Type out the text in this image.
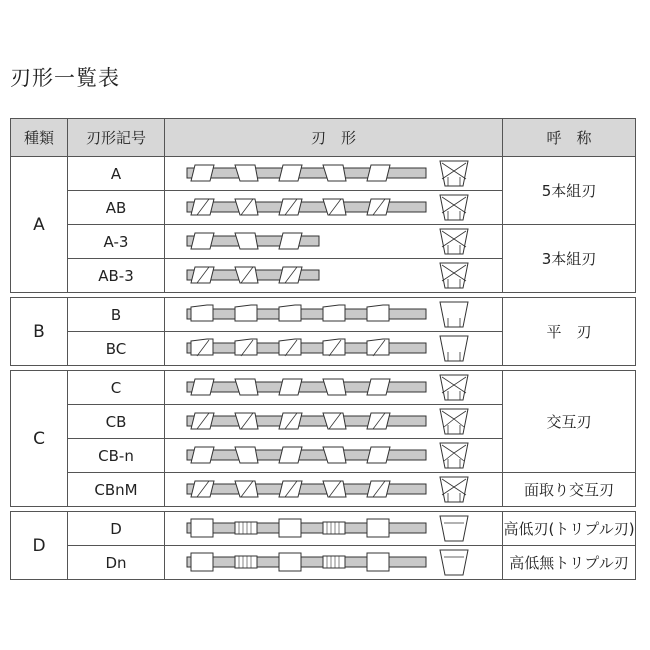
刃形一覧表
種類	刃形記号	刃　形	呼　称
A	A		5本組刃
	AB	

	A-3		3本組刃
	AB-3	

B	B		平　刃
	BC	

C	C		交互刃
	CB	

	CB-n	

	CBnM		面取り交互刃

D	D		高低刃(トリプル刃)
	Dn		高低無トリプル刃
